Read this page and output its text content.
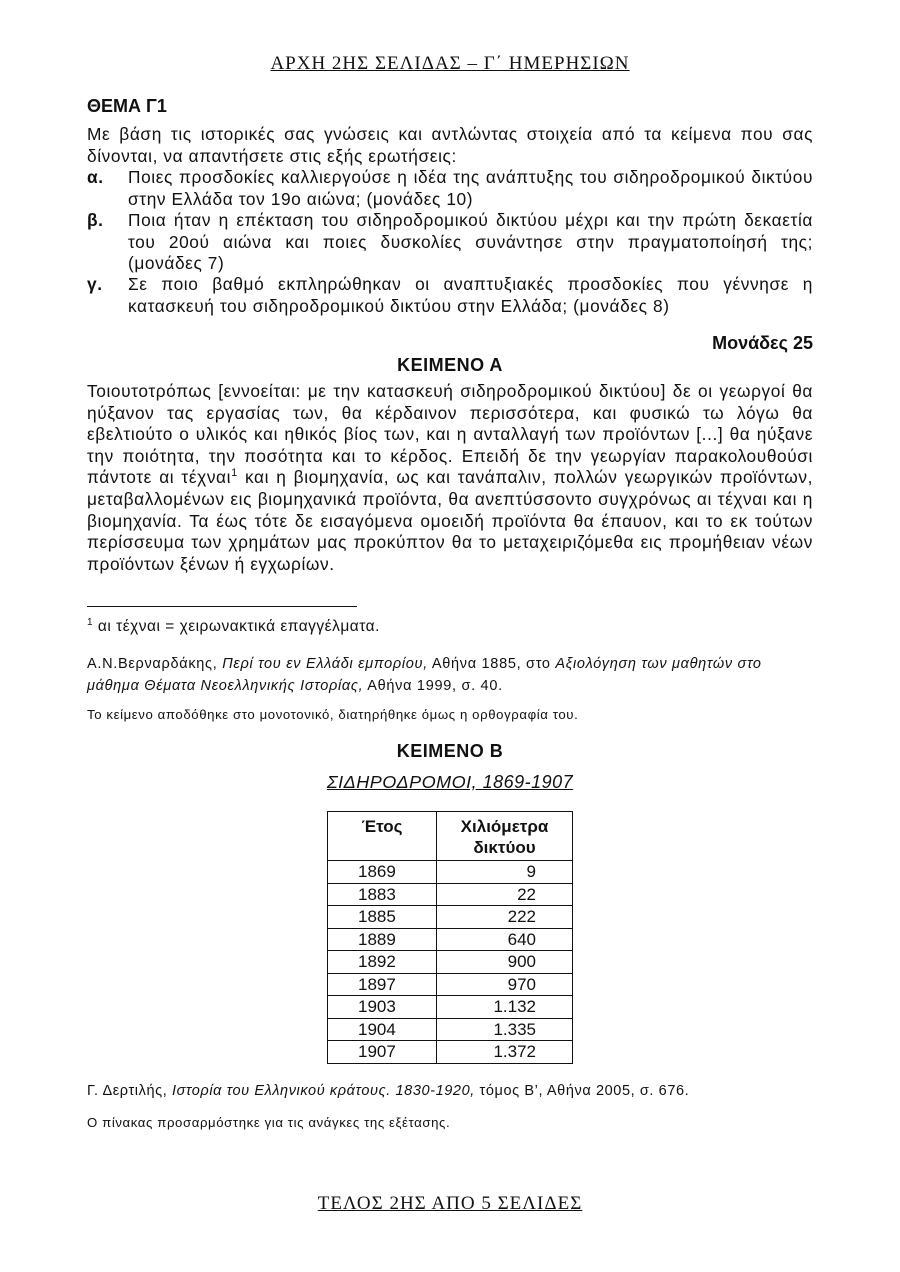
ΑΡΧΗ 2ΗΣ ΣΕΛΙΔΑΣ – Γ΄ ΗΜΕΡΗΣΙΩΝ
ΘΕΜΑ Γ1
Με βάση τις ιστορικές σας γνώσεις και αντλώντας στοιχεία από τα κείμενα που σας δίνονται, να απαντήσετε στις εξής ερωτήσεις:
α. Ποιες προσδοκίες καλλιεργούσε η ιδέα της ανάπτυξης του σιδηροδρομικού δικτύου στην Ελλάδα τον 19ο αιώνα; (μονάδες 10)
β. Ποια ήταν η επέκταση του σιδηροδρομικού δικτύου μέχρι και την πρώτη δεκαετία του 20ού αιώνα και ποιες δυσκολίες συνάντησε στην πραγματοποίησή της; (μονάδες 7)
γ. Σε ποιο βαθμό εκπληρώθηκαν οι αναπτυξιακές προσδοκίες που γέννησε η κατασκευή του σιδηροδρομικού δικτύου στην Ελλάδα; (μονάδες 8)
Μονάδες 25
ΚΕΙΜΕΝΟ Α
Τοιουτοτρόπως [εννοείται: με την κατασκευή σιδηροδρομικού δικτύου] δε οι γεωργοί θα ηύξανον τας εργασίας των, θα κέρδαινον περισσότερα, και φυσικώ τω λόγω θα εβελτιούτο ο υλικός και ηθικός βίος των, και η ανταλλαγή των προϊόντων [...] θα ηύξανε την ποιότητα, την ποσότητα και το κέρδος. Επειδή δε την γεωργίαν παρακολουθούσι πάντοτε αι τέχναι$^1$ και η βιομηχανία, ως και τανάπαλιν, πολλών γεωργικών προϊόντων, μεταβαλλομένων εις βιομηχανικά προϊόντα, θα ανεπτύσσοντο συγχρόνως αι τέχναι και η βιομηχανία. Τα έως τότε δε εισαγόμενα ομοειδή προϊόντα θα έπαυον, και το εκ τούτων περίσσευμα των χρημάτων μας προκύπτον θα το μεταχειριζόμεθα εις προμήθειαν νέων προϊόντων ξένων ή εγχωρίων.
$^1$ αι τέχναι = χειρωνακτικά επαγγέλματα.
Α.Ν.Βερναρδάκης, Περί του εν Ελλάδι εμπορίου, Αθήνα 1885, στο Αξιολόγηση των μαθητών στο μάθημα Θέματα Νεοελληνικής Ιστορίας, Αθήνα 1999, σ. 40.
Το κείμενο αποδόθηκε στο μονοτονικό, διατηρήθηκε όμως η ορθογραφία του.
ΚΕΙΜΕΝΟ Β
ΣΙΔΗΡΟΔΡΟΜΟΙ, 1869-1907
Έτος	Χιλιόμετρα δικτύου
1869	9
1883	22
1885	222
1889	640
1892	900
1897	970
1903	1.132
1904	1.335
1907	1.372
Γ. Δερτιλής, Ιστορία του Ελληνικού κράτους. 1830-1920, τόμος Β’, Αθήνα 2005, σ. 676.
Ο πίνακας προσαρμόστηκε για τις ανάγκες της εξέτασης.
ΤΕΛΟΣ 2ΗΣ ΑΠΟ 5 ΣΕΛΙΔΕΣ
